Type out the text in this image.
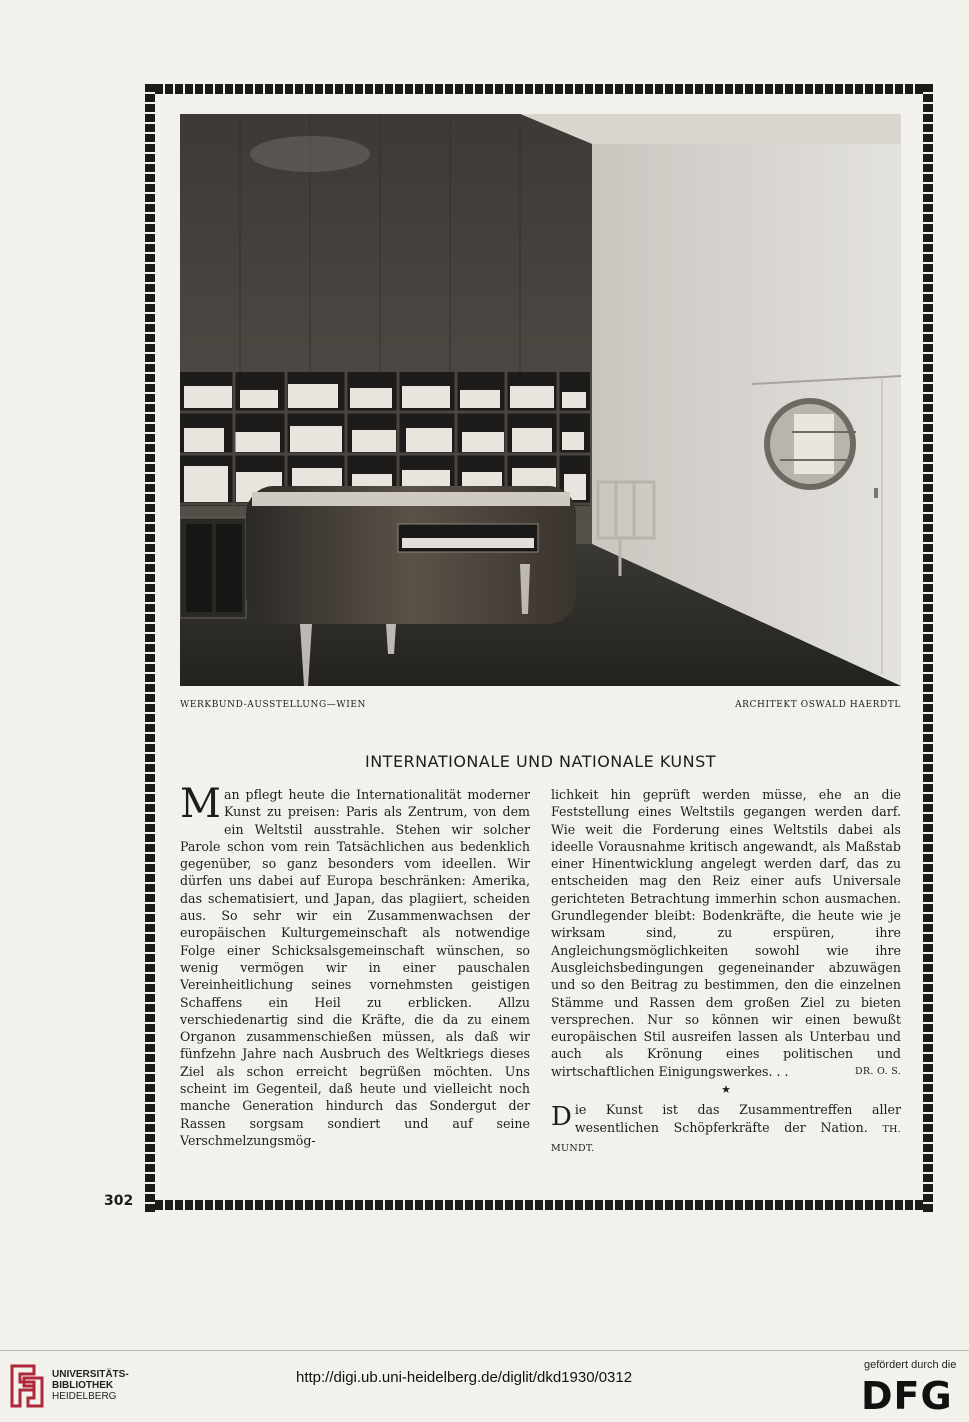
302
WERKBUND-AUSSTELLUNG—WIEN	ARCHITEKT OSWALD HAERDTL
INTERNATIONALE UND NATIONALE KUNST

Man pflegt heute die Internationalität moderner Kunst zu preisen: Paris als Zentrum, von dem ein Weltstil ausstrahle. Stehen wir solcher Parole schon vom rein Tatsächlichen aus bedenklich gegenüber, so ganz besonders vom ideellen. Wir dürfen uns dabei auf Europa beschränken: Amerika, das schematisiert, und Japan, das plagiiert, scheiden aus. So sehr wir ein Zusammenwachsen der europäischen Kulturgemeinschaft als notwendige Folge einer Schicksalsgemeinschaft wünschen, so wenig vermögen wir in einer pauschalen Vereinheitlichung seines vornehmsten geistigen Schaffens ein Heil zu erblicken. Allzu verschiedenartig sind die Kräfte, die da zu einem Organon zusammenschießen müssen, als daß wir fünfzehn Jahre nach Ausbruch des Weltkriegs dieses Ziel als schon erreicht begrüßen möchten. Uns scheint im Gegenteil, daß heute und vielleicht noch manche Generation hindurch das Sondergut der Rassen sorgsam sondiert und auf seine Verschmelzungsmög-

lichkeit hin geprüft werden müsse, ehe an die Feststellung eines Weltstils gegangen werden darf. Wie weit die Forderung eines Weltstils dabei als ideelle Vorausnahme kritisch angewandt, als Maßstab einer Hinentwicklung angelegt werden darf, das zu entscheiden mag den Reiz einer aufs Universale gerichteten Betrachtung immerhin schon ausmachen. Grundlegender bleibt: Bodenkräfte, die heute wie je wirksam sind, zu erspüren, ihre Angleichungsmöglichkeiten sowohl wie ihre Ausgleichsbedingungen gegeneinander abzuwägen und so den Beitrag zu bestimmen, den die einzelnen Stämme und Rassen dem großen Ziel zu bieten versprechen. Nur so können wir einen bewußt europäischen Stil ausreifen lassen als Unterbau und auch als Krönung eines politischen und wirtschaftlichen Einigungswerkes. . .	DR. O. S.

★

Die Kunst ist das Zusammentreffen aller wesentlichen Schöpferkräfte der Nation. TH. MUNDT.

UNIVERSITÄTS-
BIBLIOTHEK
HEIDELBERG
http://digi.ub.uni-heidelberg.de/diglit/dkd1930/0312
gefördert durch die
DFG
